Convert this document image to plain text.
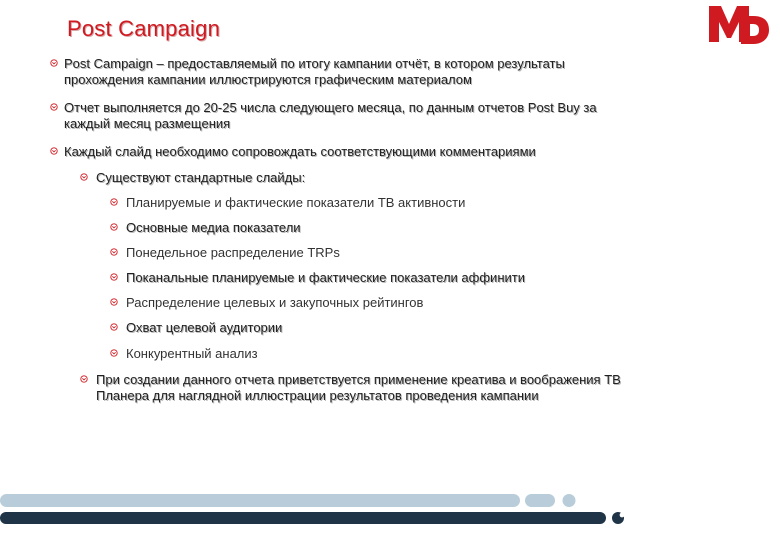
Post Campaign
Post Campaign – предоставляемый по итогу кампании отчёт, в котором результаты
прохождения кампании иллюстрируются графическим материалом
Отчет выполняется до 20-25 числа следующего месяца, по данным отчетов Post Buy за
каждый месяц размещения
Каждый слайд необходимо сопровождать соответствующими комментариями
Существуют стандартные слайды:
Планируемые и фактические показатели ТВ активности
Основные медиа показатели
Понедельное распределение TRPs
Поканальные планируемые и фактические показатели аффинити
Распределение целевых и закупочных рейтингов
Охват целевой аудитории
Конкурентный анализ
При создании данного отчета приветствуется применение креатива и воображения ТВ
Планера для наглядной иллюстрации результатов проведения кампании
